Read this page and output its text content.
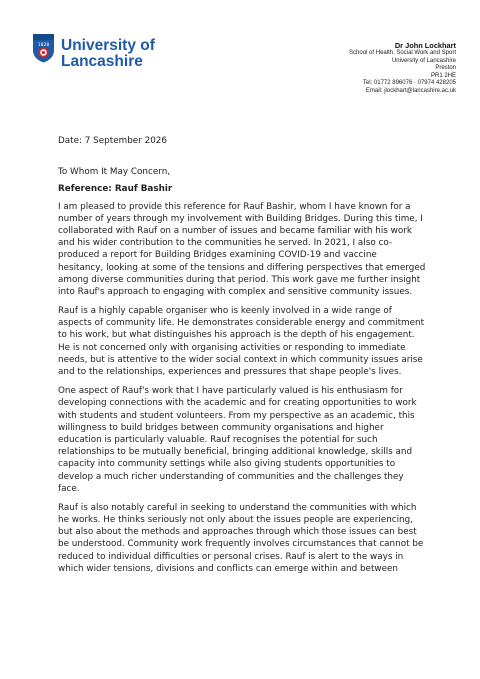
1828 University of
Lancashire
Dr John Lockhart
School of Health, Social Work and Sport
University of Lancashire
Preston
PR1 2HE
Tel: 01772 896076 · 07974 428205
Email: jlockhart@lancashire.ac.uk
Date: 7 September 2026
To Whom It May Concern,
Reference: Rauf Bashir
I am pleased to provide this reference for Rauf Bashir, whom I have known for a
number of years through my involvement with Building Bridges. During this time, I
collaborated with Rauf on a number of issues and became familiar with his work
and his wider contribution to the communities he served. In 2021, I also co-
produced a report for Building Bridges examining COVID-19 and vaccine
hesitancy, looking at some of the tensions and differing perspectives that emerged
among diverse communities during that period. This work gave me further insight
into Rauf's approach to engaging with complex and sensitive community issues.
Rauf is a highly capable organiser who is keenly involved in a wide range of
aspects of community life. He demonstrates considerable energy and commitment
to his work, but what distinguishes his approach is the depth of his engagement.
He is not concerned only with organising activities or responding to immediate
needs, but is attentive to the wider social context in which community issues arise
and to the relationships, experiences and pressures that shape people's lives.
One aspect of Rauf's work that I have particularly valued is his enthusiasm for
developing connections with the academic and for creating opportunities to work
with students and student volunteers. From my perspective as an academic, this
willingness to build bridges between community organisations and higher
education is particularly valuable. Rauf recognises the potential for such
relationships to be mutually beneficial, bringing additional knowledge, skills and
capacity into community settings while also giving students opportunities to
develop a much richer understanding of communities and the challenges they
face.
Rauf is also notably careful in seeking to understand the communities with which
he works. He thinks seriously not only about the issues people are experiencing,
but also about the methods and approaches through which those issues can best
be understood. Community work frequently involves circumstances that cannot be
reduced to individual difficulties or personal crises. Rauf is alert to the ways in
which wider tensions, divisions and conflicts can emerge within and between
